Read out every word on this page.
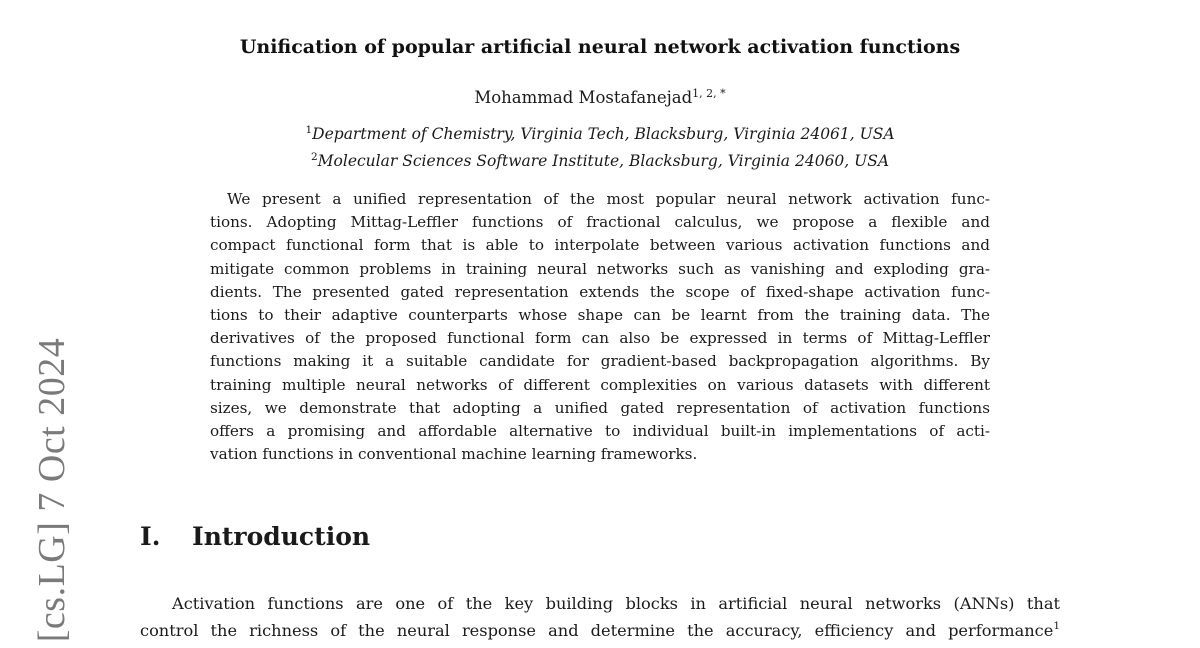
[cs.LG] 7 Oct 2024
Unification of popular artificial neural network activation functions
Mohammad Mostafanejad$^{1, 2, *}$
$^1$Department of Chemistry, Virginia Tech, Blacksburg, Virginia 24061, USA
$^2$Molecular Sciences Software Institute, Blacksburg, Virginia 24060, USA
We present a unified representation of the most popular neural network activation func-
tions. Adopting Mittag-Leffler functions of fractional calculus, we propose a flexible and
compact functional form that is able to interpolate between various activation functions and
mitigate common problems in training neural networks such as vanishing and exploding gra-
dients. The presented gated representation extends the scope of fixed-shape activation func-
tions to their adaptive counterparts whose shape can be learnt from the training data. The
derivatives of the proposed functional form can also be expressed in terms of Mittag-Leffler
functions making it a suitable candidate for gradient-based backpropagation algorithms. By
training multiple neural networks of different complexities on various datasets with different
sizes, we demonstrate that adopting a unified gated representation of activation functions
offers a promising and affordable alternative to individual built-in implementations of acti-
vation functions in conventional machine learning frameworks.
I. Introduction
Activation functions are one of the key building blocks in artificial neural networks (ANNs) that
control the richness of the neural response and determine the accuracy, efficiency and performance$^1$
